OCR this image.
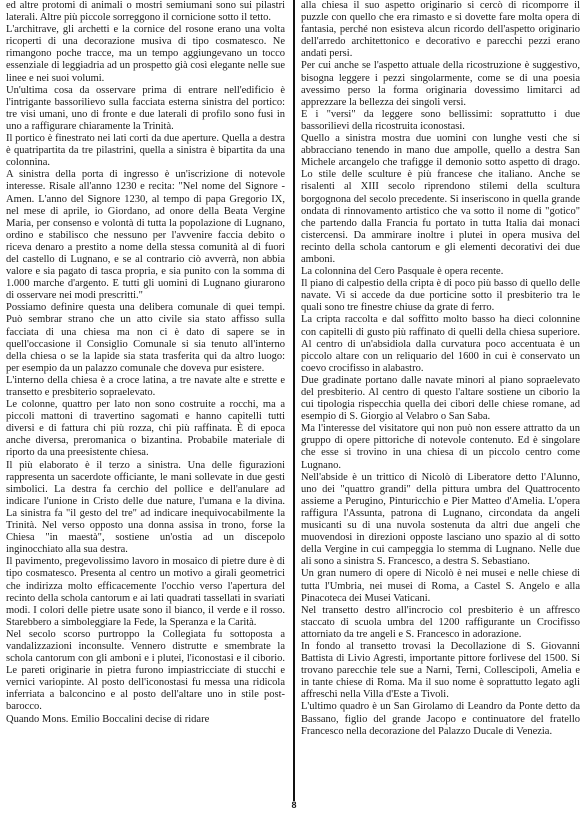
ed altre protomi di animali o mostri semiumani sono sui pilastri laterali. Altre più piccole sorreggono il cornicione sotto il tetto.

L'architrave, gli archetti e la cornice del rosone erano una volta ricoperti di una decorazione musiva di tipo cosmatesco. Ne rimangono poche tracce, ma un tempo aggiungevano un tocco essenziale di leggiadria ad un prospetto già così elegante nelle sue linee e nei suoi volumi.

Un'ultima cosa da osservare prima di entrare nell'edificio è l'intrigante bassorilievo sulla facciata esterna sinistra del portico: tre visi umani, uno di fronte e due laterali di profilo sono fusi in uno a raffigurare chiaramente la Trinità.

Il portico è finestrato nei lati corti da due aperture. Quella a destra è quatripartita da tre pilastrini, quella a sinistra è bipartita da una colonnina.

A sinistra della porta di ingresso è un'iscrizione di notevole interesse. Risale all'anno 1230 e recita: "Nel nome del Signore - Amen. L'anno del Signore 1230, al tempo di papa Gregorio IX, nel mese di aprile, io Giordano, ad onore della Beata Vergine Maria, per consenso e volontà di tutta la popolazione di Lugnano, ordino e stabilisco che nessuno per l'avvenire faccia debito o riceva denaro a prestito a nome della stessa comunità al di fuori del castello di Lugnano, e se al contrario ciò avverrà, non abbia valore e sia pagato di tasca propria, e sia punito con la somma di 1.000 marche d'argento. E tutti gli uomini di Lugnano giurarono di osservare nei modi prescritti."

Possiamo definire questa una delibera comunale di quei tempi. Può sembrar strano che un atto civile sia stato affisso sulla facciata di una chiesa ma non ci è dato di sapere se in quell'occasione il Consiglio Comunale si sia tenuto all'interno della chiesa o se la lapide sia stata trasferita qui da altro luogo: per esempio da un palazzo comunale che doveva pur esistere.

L'interno della chiesa è a croce latina, a tre navate alte e strette e transetto e presbiterio sopraelevato.

Le colonne, quattro per lato non sono costruite a rocchi, ma a piccoli mattoni di travertino sagomati e hanno capitelli tutti diversi e di fattura chi più rozza, chi più raffinata. È di epoca anche diversa, preromanica o bizantina. Probabile materiale di riporto da una preesistente chiesa.

Il più elaborato è il terzo a sinistra. Una delle figurazioni rappresenta un sacerdote officiante, le mani sollevate in due gesti simbolici. La destra fa cerchio del pollice e dell'anulare ad indicare l'unione in Cristo delle due nature, l'umana e la divina. La sinistra fa "il gesto del tre" ad indicare inequivocabilmente la Trinità. Nel verso opposto una donna assisa in trono, forse la Chiesa "in maestà", sostiene un'ostia ad un discepolo inginocchiato alla sua destra.

Il pavimento, pregevolissimo lavoro in mosaico di pietre dure è di tipo cosmatesco. Presenta al centro un motivo a girali geometrici che indirizza molto efficacemente l'occhio verso l'apertura del recinto della schola cantorum e ai lati quadrati tassellati in svariati modi. I colori delle pietre usate sono il bianco, il verde e il rosso. Starebbero a simboleggiare la Fede, la Speranza e la Carità.

Nel secolo scorso purtroppo la Collegiata fu sottoposta a vandalizzazioni inconsulte. Vennero distrutte e smembrate la schola cantorum con gli amboni e i plutei, l'iconostasi e il ciborio. Le pareti originarie in pietra furono impiastricciate di stucchi e vernici variopinte. Al posto dell'iconostasi fu messa una ridicola inferriata a balconcino e al posto dell'altare uno in stile post-barocco.

Quando Mons. Emilio Boccalini decise di ridare

alla chiesa il suo aspetto originario si cercò di ricomporre il puzzle con quello che era rimasto e si dovette fare molta opera di fantasia, perché non esisteva alcun ricordo dell'aspetto originario dell'arredo architettonico e decorativo e parecchi pezzi erano andati persi.

Per cui anche se l'aspetto attuale della ricostruzione è suggestivo, bisogna leggere i pezzi singolarmente, come se di una poesia avessimo perso la forma originaria dovessimo limitarci ad apprezzare la bellezza dei singoli versi.

E i "versi" da leggere sono bellissimi: soprattutto i due bassorilievi della ricostruita iconostasi.

Quello a sinistra mostra due uomini con lunghe vesti che si abbracciano tenendo in mano due ampolle, quello a destra San Michele arcangelo che trafigge il demonio sotto aspetto di drago. Lo stile delle sculture è più francese che italiano. Anche se risalenti al XIII secolo riprendono stilemi della scultura borgognona del secolo precedente. Si inseriscono in quella grande ondata di rinnovamento artistico che va sotto il nome di "gotico" che partendo dalla Francia fu portato in tutta Italia dai monaci cistercensi. Da ammirare inoltre i plutei in opera musiva del recinto della schola cantorum e gli elementi decorativi dei due amboni.

La colonnina del Cero Pasquale è opera recente.

Il piano di calpestio della cripta è di poco più basso di quello delle navate. Vi si accede da due porticine sotto il presbiterio tra le quali sono tre finestre chiuse da grate di ferro.

La cripta raccolta e dal soffitto molto basso ha dieci colonnine con capitelli di gusto più raffinato di quelli della chiesa superiore. Al centro di un'absidiola dalla curvatura poco accentuata è un piccolo altare con un reliquario del 1600 in cui è conservato un coevo crocifisso in alabastro.

Due gradinate portano dalle navate minori al piano sopraelevato del presbiterio. Al centro di questo l'altare sostiene un ciborio la cui tipologia rispecchia quella dei cibori delle chiese romane, ad esempio di S. Giorgio al Velabro o San Saba.

Ma l'interesse del visitatore qui non può non essere attratto da un gruppo di opere pittoriche di notevole contenuto. Ed è singolare che esse si trovino in una chiesa di un piccolo centro come Lugnano.

Nell'abside è un trittico di Nicolò di Liberatore detto l'Alunno, uno dei "quattro grandi" della pittura umbra del Quattrocento assieme a Perugino, Pinturicchio e Pier Matteo d'Amelia. L'opera raffigura l'Assunta, patrona di Lugnano, circondata da angeli musicanti su di una nuvola sostenuta da altri due angeli che muovendosi in direzioni opposte lasciano uno spazio al di sotto della Vergine in cui campeggia lo stemma di Lugnano. Nelle due ali sono a sinistra S. Francesco, a destra S. Sebastiano.

Un gran numero di opere di Nicolò è nei musei e nelle chiese di tutta l'Umbria, nei musei di Roma, a Castel S. Angelo e alla Pinacoteca dei Musei Vaticani.

Nel transetto destro all'incrocio col presbiterio è un affresco staccato di scuola umbra del 1200 raffigurante un Crocifisso attorniato da tre angeli e S. Francesco in adorazione.

In fondo al transetto trovasi la Decollazione di S. Giovanni Battista di Livio Agresti, importante pittore forlivese del 1500. Si trovano parecchie tele sue a Narni, Terni, Collescipoli, Amelia e in tante chiese di Roma. Ma il suo nome è soprattutto legato agli affreschi nella Villa d'Este a Tivoli.

L'ultimo quadro è un San Girolamo di Leandro da Ponte detto da Bassano, figlio del grande Jacopo e continuatore del fratello Francesco nella decorazione del Palazzo Ducale di Venezia.

8
